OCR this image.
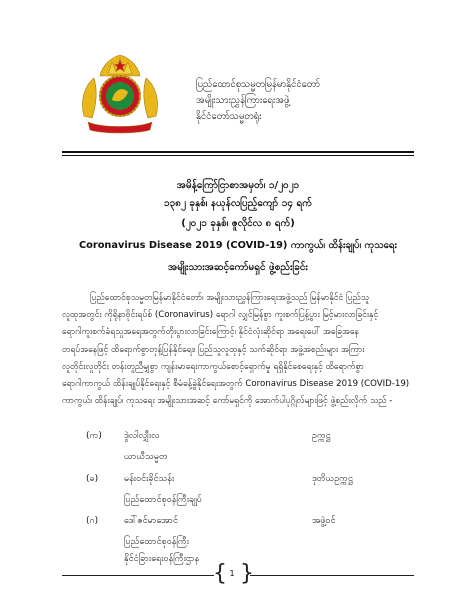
ပြည်ထောင်စုသမ္မတမြန်မာနိုင်ငံတော်
အမျိုးသားညွှန်ကြားရေးအဖွဲ့
နိုင်ငံတော်သမ္မတရုံး
အမိန့်ကြော်ငြာစာအမှတ်၊ ၁/၂၀၂၁
၁၃၈၂ ခုနှစ်၊ နယုန်လပြည့်ကျော် ၁၄ ရက်
(၂၀၂၁ ခုနှစ်၊ ဇူလိုင်လ ၈ ရက်)
Coronavirus Disease 2019 (COVID-19) ကာကွယ်၊ ထိန်းချုပ်၊ ကုသရေး
အမျိုးသားအဆင့်ကော်မရှင် ဖွဲ့စည်းခြင်း
ပြည်ထောင်စုသမ္မတမြန်မာနိုင်ငံတော်၊ အမျိုးသားညွှန်ကြားရေးအဖွဲ့သည် မြန်မာနိုင်ငံ ပြည်သူ
လူထုအတွင်း ကိုရိုနာဗိုင်းရပ်စ် (Coronavirus) ရောဂါ လျှင်မြန်စွာ ကူးစက်ပြန့်ပွား မြင့်မားလာခြင်းနှင့်
ရောဂါကူးစက်ခံရသူအရေအတွက်တိုးပွားလာခြင်းကြောင့်၊ နိုင်ငံလုံးဆိုင်ရာ အရေးပေါ် အခြေအနေ
တရပ်အနေဖြင့် ထိရောက်စွာတုန့်ပြန်နိုင်ရေး၊ ပြည်သူလူထုနှင့် သက်ဆိုင်ရာ အဖွဲ့အစည်းများ အကြား
လူတိုင်းလူတိုင်း တန်းတူညီမျှစွာ ကျန်းမာရေးကာကွယ်စောင့်ရှောက်မှု ရရှိနိုင်စေရေးနှင့် ထိရောက်စွာ
ရောဂါကာကွယ် ထိန်းချုပ်နိုင်ရေးနှင့် စီမံခန့်ခွဲနိုင်ရေးအတွက် Coronavirus Disease 2019 (COVID-19)
ကာကွယ်၊ ထိန်းချုပ်၊ ကုသရေး အမျိုးသားအဆင့် ကော်မရှင်ကို အောက်ပါပုဂ္ဂိုလ်များဖြင့် ဖွဲ့စည်းလိုက် သည် -
(က) ဒွဲလါလျှီးလ	ဥက္ကဋ္ဌ
ယာယီသမ္မတ
(ခ)	မန်းဝင်းခိုင်သန်း	ဒုတိယဥက္ကဋ္ဌ
ပြည်ထောင်စုဝန်ကြီးချုပ်
(ဂ)	ဒေါ်ဇင်မာအောင်	အဖွဲ့ဝင်
ပြည်ထောင်စုဝန်ကြီး
နိုင်ငံခြားရေးဝန်ကြီးဌာန
{ }
1
